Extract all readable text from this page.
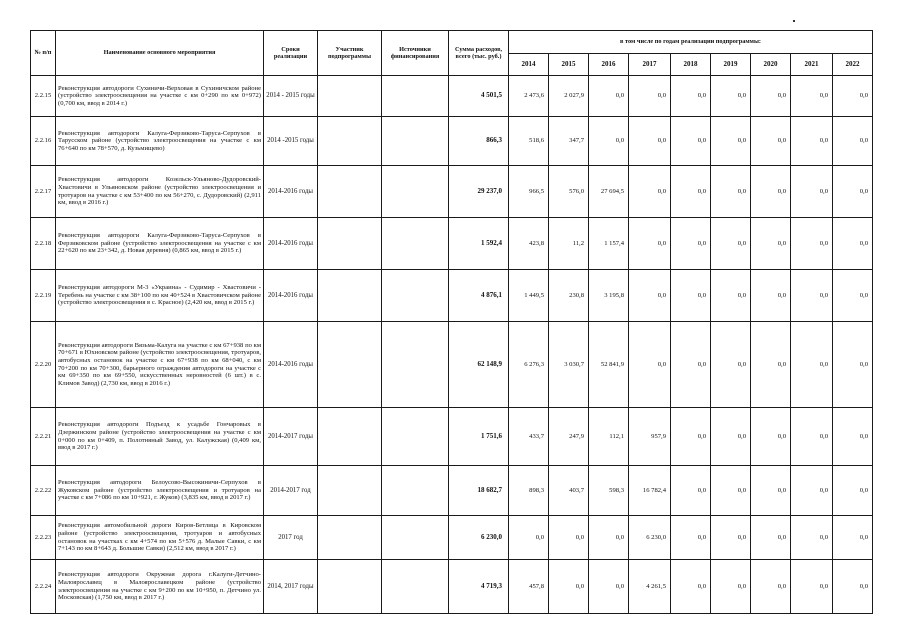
№ п/п	Наименование основного мероприятия	Сроки реализации	Участник подпрограммы	Источники финансирования	Сумма расходов, всего (тыс. руб.)	в том числе по годам реализации подпрограммы:								
						2014	2015	2016	2017	2018	2019	2020	2021	2022
2.2.15	Реконструкция автодороги Сухиничи-Верховая в Сухиничском районе (устройство электроосвещения на участке с км 0+290 по км 0+972) (0,700 км, ввод в 2014 г.)	2014 - 2015 годы			4 501,5	2 473,6	2 027,9	0,0	0,0	0,0	0,0	0,0	0,0	0,0
2.2.16	Реконструкция автодороги Калуга-Ферзиково-Таруса-Серпухов в Тарусском районе (устройство электроосвещения на участке с км 76+640 по км 78+570, д. Кузьмищево)	2014 -2015 годы			866,3	518,6	347,7	0,0	0,0	0,0	0,0	0,0	0,0	0,0
2.2.17	Реконструкция автодороги Козельск-Ульяново-Дудоровский-Хвастовичи в Ульяновском районе (устройство электроосвещения и тротуаров на участке с км 53+400 по км 56+270, с. Дудоровский) (2,911 км, ввод в 2016 г.)	2014-2016 годы			29 237,0	966,5	576,0	27 694,5	0,0	0,0	0,0	0,0	0,0	0,0
2.2.18	Реконструкция автодороги Калуга-Ферзиково-Таруса-Серпухов в Ферзиковском районе (устройство электроосвещения на участке с км 22+620 по км 23+342, д. Новая деревня) (0,865 км, ввод в 2015 г.)	2014-2016 годы			1 592,4	423,8	11,2	1 157,4	0,0	0,0	0,0	0,0	0,0	0,0
2.2.19	Реконструкция автодороги М-3 «Украина» - Судимир - Хвастовичи - Теребень на участке с км 38+100 по км 40+524 в Хвастовичском районе (устройство электроосвещения в с. Красное) (2,420 км, ввод в 2015 г.)	2014-2016 годы			4 876,1	1 449,5	230,8	3 195,8	0,0	0,0	0,0	0,0	0,0	0,0
2.2.20	Реконструкция автодороги Вязьма-Калуга на участке с км 67+938 по км 70+671 в Юхновском районе (устройство электроосвещения, тротуаров, автобусных остановок на участке с км 67+938 по км 68+040, с км 70+200 по км 70+300, барьерного ограждения автодороги на участке с км 69+350 по км 69+550, искусственных неровностей (6 шт.) в с. Климов Завод) (2,730 км, ввод в 2016 г.)	2014-2016 годы			62 148,9	6 276,3	3 030,7	52 841,9	0,0	0,0	0,0	0,0	0,0	0,0
2.2.21	Реконструкция автодороги Подъезд к усадьбе Гончаровых в Дзержинском районе (устройство электроосвещения на участке с км 0+000 по км 0+409, п. Полотняный Завод, ул. Калужская) (0,409 км, ввод в 2017 г.)	2014-2017 годы			1 751,6	433,7	247,9	112,1	957,9	0,0	0,0	0,0	0,0	0,0
2.2.22	Реконструкция автодороги Белоусово-Высокиничи-Серпухов в Жуковском районе (устройство электроосвещения и тротуаров на участке с км 7+086 по км 10+921, г. Жуков) (3,835 км, ввод в 2017 г.)	2014-2017 год			18 682,7	898,3	403,7	598,3	16 782,4	0,0	0,0	0,0	0,0	0,0
2.2.23	Реконструкция автомобильной дороги Киров-Бетлица в Кировском районе (устройство электроосвещения, тротуаров и автобусных остановок на участках с км 4+574 по км 5+576 д. Малые Савки, с км 7+143 по км 8+643 д. Большие Савки) (2,512 км, ввод в 2017 г.)	2017 год			6 230,0	0,0	0,0	0,0	6 230,0	0,0	0,0	0,0	0,0	0,0
2.2.24	Реконструкция автодороги Окружная дорога г.Калуги-Детчино-Малоярославец в Малоярославецком районе (устройство электроосвещения на участке с км 9+200 по км 10+950, п. Детчино ул. Московская) (1,750 км, ввод в 2017 г.)	2014, 2017 годы			4 719,3	457,8	0,0	0,0	4 261,5	0,0	0,0	0,0	0,0	0,0
